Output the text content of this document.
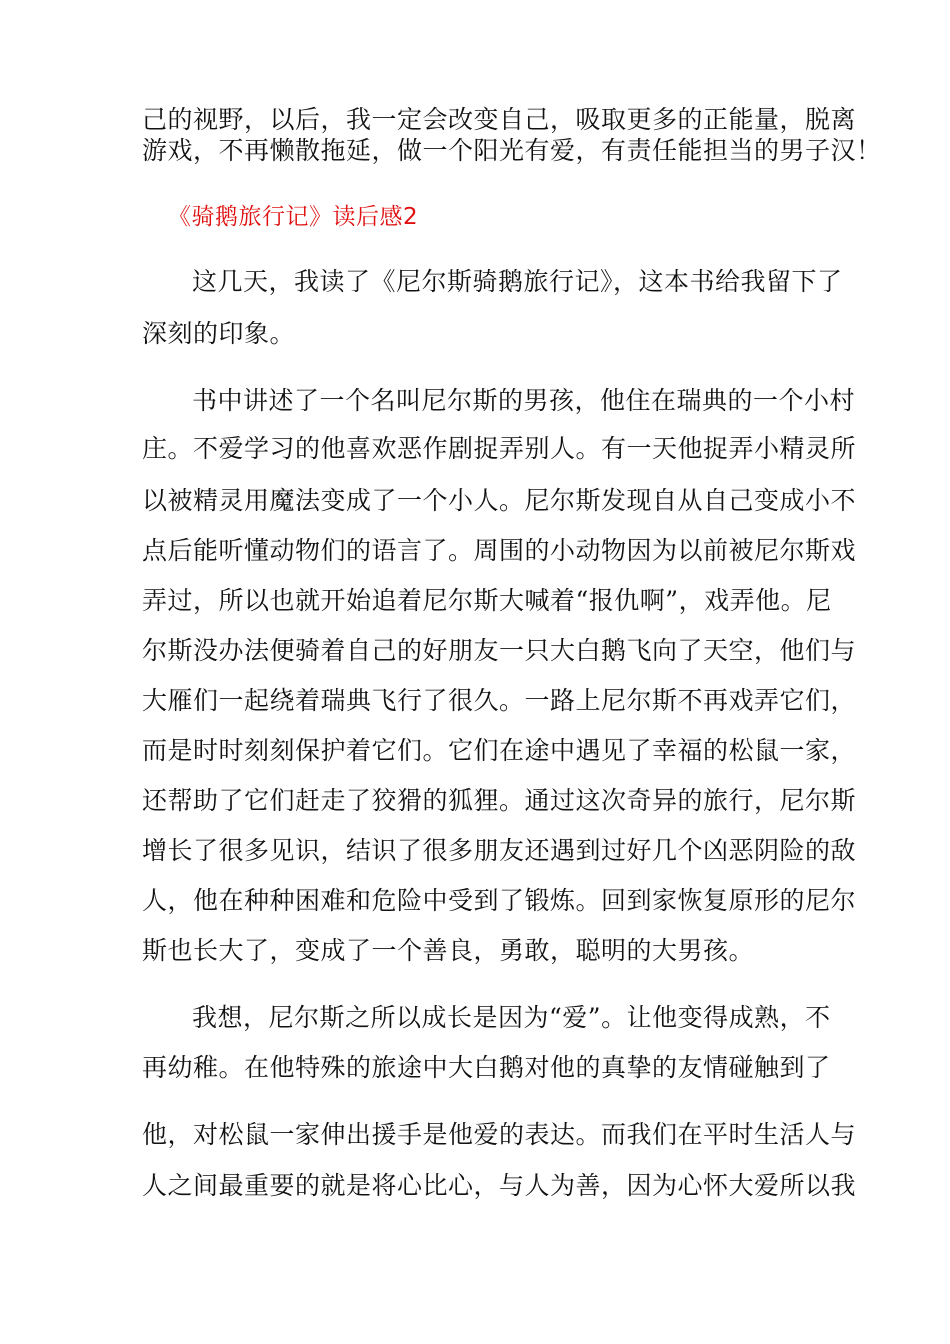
己的视野，以后，我一定会改变自己，吸取更多的正能量，脱离
游戏，不再懒散拖延，做一个阳光有爱，有责任能担当的男子汉！
《骑鹅旅行记》读后感2
这几天，我读了《尼尔斯骑鹅旅行记》，这本书给我留下了
深刻的印象。
书中讲述了一个名叫尼尔斯的男孩，他住在瑞典的一个小村
庄。不爱学习的他喜欢恶作剧捉弄别人。有一天他捉弄小精灵所
以被精灵用魔法变成了一个小人。尼尔斯发现自从自己变成小不
点后能听懂动物们的语言了。周围的小动物因为以前被尼尔斯戏
弄过，所以也就开始追着尼尔斯大喊着“报仇啊”，戏弄他。尼
尔斯没办法便骑着自己的好朋友一只大白鹅飞向了天空，他们与
大雁们一起绕着瑞典飞行了很久。一路上尼尔斯不再戏弄它们，
而是时时刻刻保护着它们。它们在途中遇见了幸福的松鼠一家，
还帮助了它们赶走了狡猾的狐狸。通过这次奇异的旅行，尼尔斯
增长了很多见识，结识了很多朋友还遇到过好几个凶恶阴险的敌
人，他在种种困难和危险中受到了锻炼。回到家恢复原形的尼尔
斯也长大了，变成了一个善良，勇敢，聪明的大男孩。
我想，尼尔斯之所以成长是因为“爱”。让他变得成熟，不
再幼稚。在他特殊的旅途中大白鹅对他的真挚的友情碰触到了
他，对松鼠一家伸出援手是他爱的表达。而我们在平时生活人与
人之间最重要的就是将心比心，与人为善，因为心怀大爱所以我
